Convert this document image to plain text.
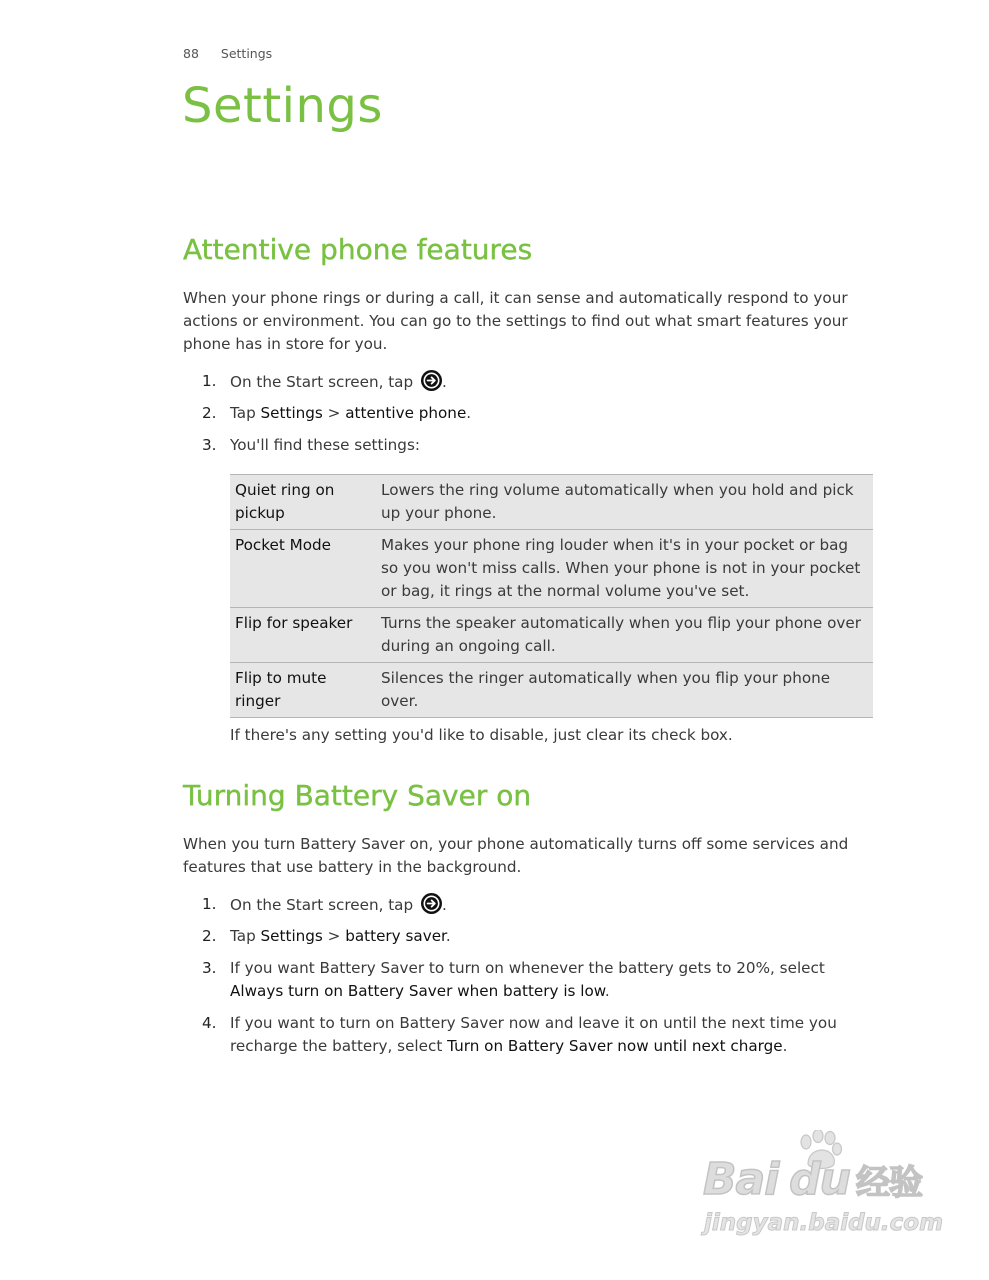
88 Settings
Settings
Attentive phone features

When your phone rings or during a call, it can sense and automatically respond to your actions or environment. You can go to the settings to find out what smart features your phone has in store for you.

1. On the Start screen, tap
.
2. Tap Settings > attentive phone.
3. You'll find these settings:
Quiet ring on pickup	Lowers the ring volume automatically when you hold and pick up your phone.
Pocket Mode	Makes your phone ring louder when it's in your pocket or bag so you won't miss calls. When your phone is not in your pocket or bag, it rings at the normal volume you've set.
Flip for speaker	Turns the speaker automatically when you flip your phone over during an ongoing call.
Flip to mute ringer	Silences the ringer automatically when you flip your phone over.
If there's any setting you'd like to disable, just clear its check box.
Turning Battery Saver on

When you turn Battery Saver on, your phone automatically turns off some services and features that use battery in the background.

1. On the Start screen, tap
.
2. Tap Settings > battery saver.
3. If you want Battery Saver to turn on whenever the battery gets to 20%, select Always turn on Battery Saver when battery is low.
4. If you want to turn on Battery Saver now and leave it on until the next time you recharge the battery, select Turn on Battery Saver now until next charge.
Bai du 经验
jingyan.baidu.com
